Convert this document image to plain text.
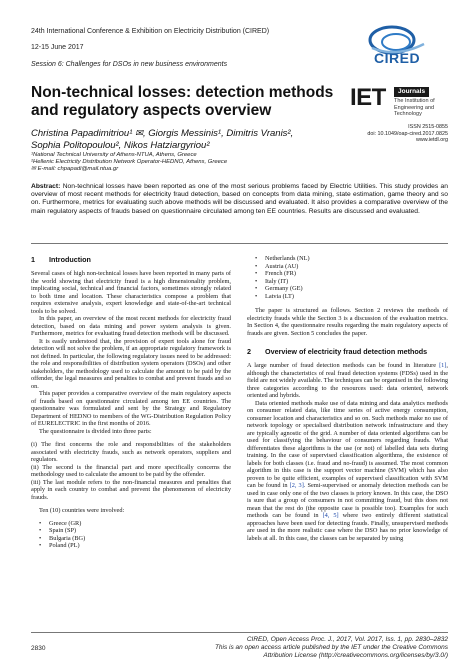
24th International Conference & Exhibition on Electricity Distribution (CIRED)
12-15 June 2017
Session 6: Challenges for DSOs in new business environments	CIRED
Non-technical losses: detection methods
and regulatory aspects overview	IET	Journals
The Institution of
Engineering and Technology
ISSN 2515-0855
doi: 10.1049/oap-cired.2017.0825
www.ietdl.org
Christina Papadimitriou¹ ✉, Giorgis Messinis¹, Dimitris Vranis²,
Sophia Politopoulou², Nikos Hatziargyriou²
¹National Technical University of Athens-NTUA, Athens, Greece
²Hellenic Electricity Distribution Network Operator-HEDNO, Athens, Greece
✉ E-mail: chpapadi@mail.ntua.gr
Abstract: Non-technical losses have been reported as one of the most serious problems faced by Electric Utilities. This study provides an overview of most recent methods for electricity fraud detection, based on concepts from data mining, state estimation, game theory and so on. Furthermore, metrics for evaluating such above methods will be discussed and evaluated. It also provides a comparative overview of the main regulatory aspects of frauds based on questionnaire circulated among ten EE countries. Results are discussed and evaluated.
1 Introduction

Several cases of high non-technical losses have been reported in many parts of the world showing that electricity fraud is a high dimensionality problem, implicating social, technical and financial factors, sometimes strongly related to both time and location. These characteristics compose a problem that requires extensive analysis, expert knowledge and state-of-the-art technical tools to be solved.

In this paper, an overview of the most recent methods for electricity fraud detection, based on data mining and power system analysis is given. Furthermore, metrics for evaluating fraud detection methods will be discussed.

It is easily understood that, the provision of expert tools alone for fraud detection will not solve the problem, if an appropriate regulatory framework is not defined. In particular, the following regulatory issues need to be addressed: the role and responsibilities of distribution system operators (DSOs) and other stakeholders, the methodology used to calculate the amount to be paid by the offender, the legal measures and penalties to combat and prevent frauds and so on.

This paper provides a comparative overview of the main regulatory aspects of frauds based on questionnaire circulated among ten EE countries. The questionnaire was formulated and sent by the Strategy and Regulatory Department of HEDNO to members of the WG-Distribution Regulation Policy of EURELECTRIC in the first months of 2016.

The questionnaire is divided into three parts:

(i) The first concerns the role and responsibilities of the stakeholders associated with electricity frauds, such as network operators, suppliers and regulators.

(ii) The second is the financial part and more specifically concerns the methodology used to calculate the amount to be paid by the offender.

(iii) The last module refers to the non-financial measures and penalties that apply in each country to combat and prevent the phenomenon of electricity frauds.

Ten (10) countries were involved:

• Greece (GR)
• Spain (SP)
• Bulgaria (BG)
• Poland (PL)
• Netherlands (NL)
• Austria (AU)
• French (FR)
• Italy (IT)
• Germany (GE)
• Latvia (LT)

The paper is structured as follows. Section 2 reviews the methods of electricity frauds while the Section 3 is a discussion of the evaluation metrics. In Section 4, the questionnaire results regarding the main regulatory aspects of frauds are given. Section 5 concludes the paper.

2 Overview of electricity fraud detection methods

A large number of fraud detection methods can be found in literature [1], although the characteristics of real fraud detection systems (FDSs) used in the field are not widely available. The techniques can be organised in the following three categories according to the resources used: data oriented, network oriented and hybrids.

Data oriented methods make use of data mining and data analytics methods on consumer related data, like time series of active energy consumption, consumer location and characteristics and so on. Such methods make no use of network topology or specialised distribution network infrastructure and they are typically agnostic of the grid. A number of data oriented algorithms can be used for classifying the behaviour of consumers regarding frauds. What differentiates these algorithms is the use (or not) of labelled data sets during training. In the case of supervised classification algorithms, the existence of labels for both classes (i.e. fraud and no-fraud) is assumed. The most common algorithm in this case is the support vector machine (SVM) which has also proven to be quite efficient, examples of supervised classification with SVM can be found in [2, 3]. Semi-supervised or anomaly detection methods can be used in case only one of the two classes is priory known. In this case, the DSO is sure that a group of consumers in not committing fraud, but this does not mean that the rest do (the opposite case is possible too). Examples for such methods can be found in [4, 5] where two entirely different statistical approaches have been used for detecting frauds. Finally, unsupervised methods are used in the more realistic case where the DSO has no prior knowledge of labels at all. In this case, the classes can be separated by using

2830
CIRED, Open Access Proc. J., 2017, Vol. 2017, Iss. 1, pp. 2830–2832
This is an open access article published by the IET under the Creative Commons
Attribution License (http://creativecommons.org/licenses/by/3.0/)
